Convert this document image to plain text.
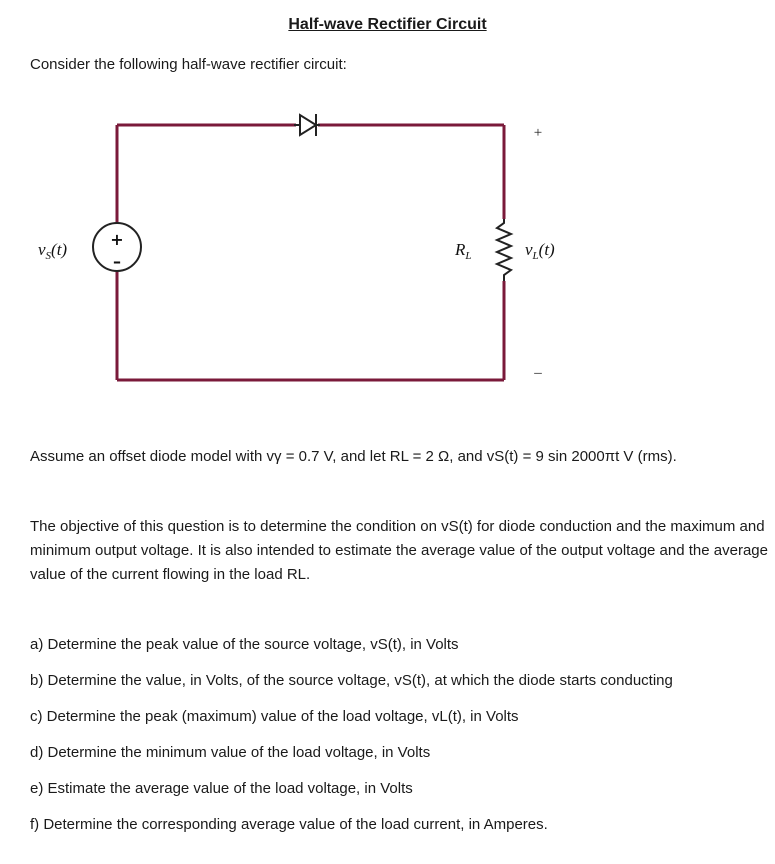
Half-wave Rectifier Circuit
Consider the following half-wave rectifier circuit:
+
–
$v_S(t)$	$R_L$	$v_L(t)$
+
–
Assume an offset diode model with vγ = 0.7 V, and let RL = 2 Ω, and vS(t) = 9 sin 2000πt V (rms).
The objective of this question is to determine the condition on vS(t) for diode conduction and the maximum and minimum output voltage. It is also intended to estimate the average value of the output voltage and the average value of the current flowing in the load RL.
a) Determine the peak value of the source voltage, vS(t), in Volts
b) Determine the value, in Volts, of the source voltage, vS(t), at which the diode starts conducting
c) Determine the peak (maximum) value of the load voltage, vL(t), in Volts
d) Determine the minimum value of the load voltage, in Volts
e) Estimate the average value of the load voltage, in Volts
f) Determine the corresponding average value of the load current, in Amperes.
